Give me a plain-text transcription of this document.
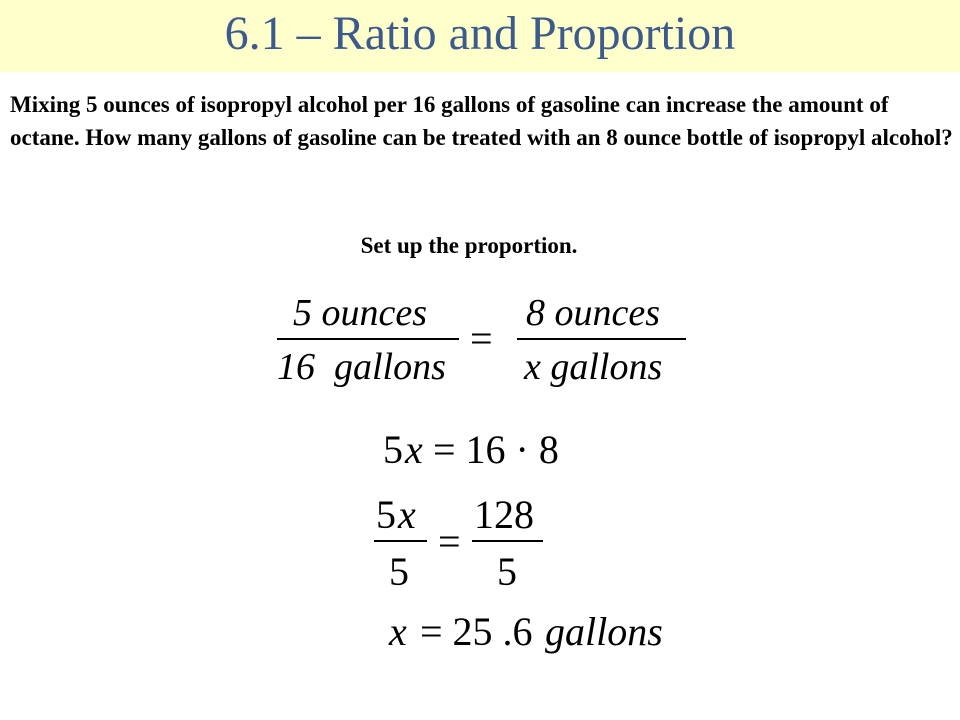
6.1 – Ratio and Proportion
Mixing 5 ounces of isopropyl alcohol per 16 gallons of gasoline can increase the amount of octane. How many gallons of gasoline can be treated with an 8 ounce bottle of isopropyl alcohol?
Set up the proportion.
5 ounces
16  gallons
=
8 ounces
x gallons
5 x = 16 · 8
5 x
5
=
128
5
x = 25 .6 gallons
